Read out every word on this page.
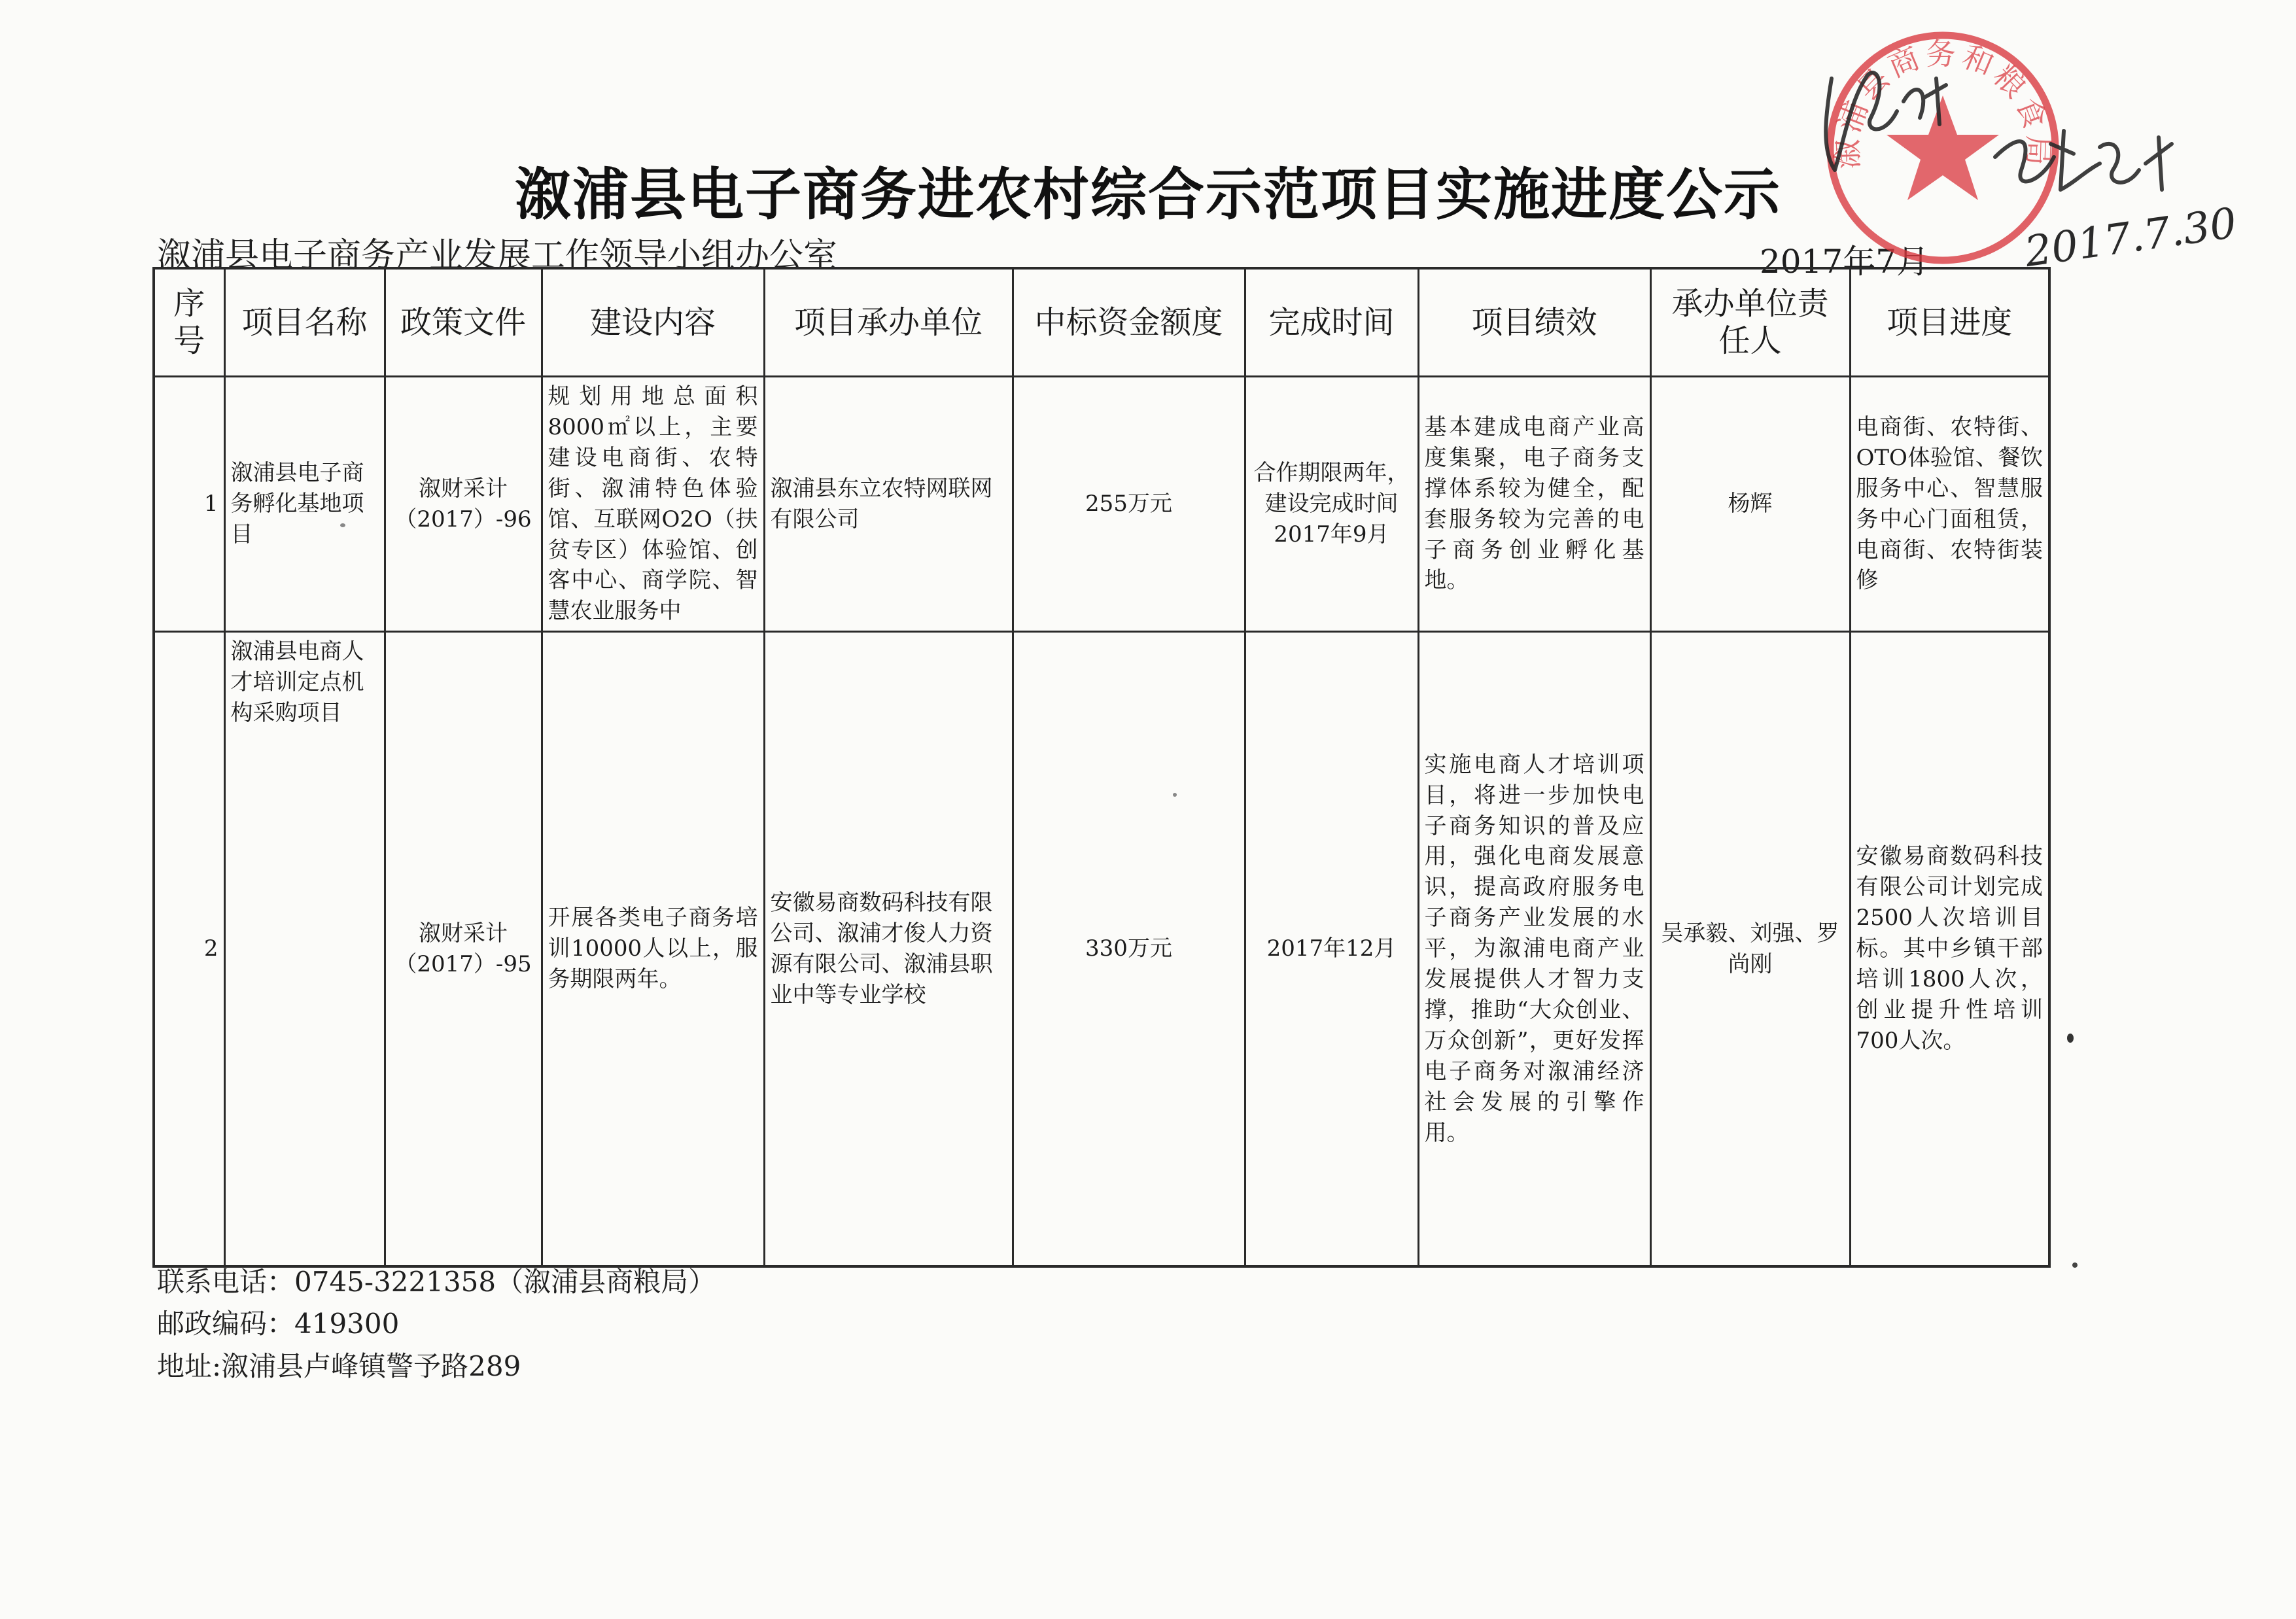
溆浦县电子商务进农村综合示范项目实施进度公示
溆浦县电子商务产业发展工作领导小组办公室	2017年7月
序号	项目名称	政策文件	建设内容	项目承办单位	中标资金额度	完成时间	项目绩效	承办单位责任人	项目进度
1	溆浦县电子商务孵化基地项目	溆财采计（2017）-96	规划用地总面积8000㎡以上，主要建设电商街、农特街、溆浦特色体验馆、互联网O2O（扶贫专区）体验馆、创客中心、商学院、智慧农业服务中	溆浦县东立农特网联网有限公司	255万元	合作期限两年，建设完成时间2017年9月	基本建成电商产业高度集聚，电子商务支撑体系较为健全，配套服务较为完善的电子商务创业孵化基地。	杨辉	电商街、农特街、OTO体验馆、餐饮服务中心、智慧服务中心门面租赁，电商街、农特街装修
2	溆浦县电商人才培训定点机构采购项目	溆财采计（2017）-95	开展各类电子商务培训10000人以上，服务期限两年。	安徽易商数码科技有限公司、溆浦才俊人力资源有限公司、溆浦县职业中等专业学校	330万元	2017年12月	实施电商人才培训项目，将进一步加快电子商务知识的普及应用，强化电商发展意识，提高政府服务电子商务产业发展的水平，为溆浦电商产业发展提供人才智力支撑，推助“大众创业、万众创新”，更好发挥电子商务对溆浦经济社会发展的引擎作用。	吴承毅、刘强、罗尚刚	安徽易商数码科技有限公司计划完成2500人次培训目标。其中乡镇干部培训1800人次，创业提升性培训700人次。
联系电话：0745-3221358（溆浦县商粮局）
邮政编码：419300
地址:溆浦县卢峰镇警予路289
溆浦县商务和粮食局
2017.7.30
